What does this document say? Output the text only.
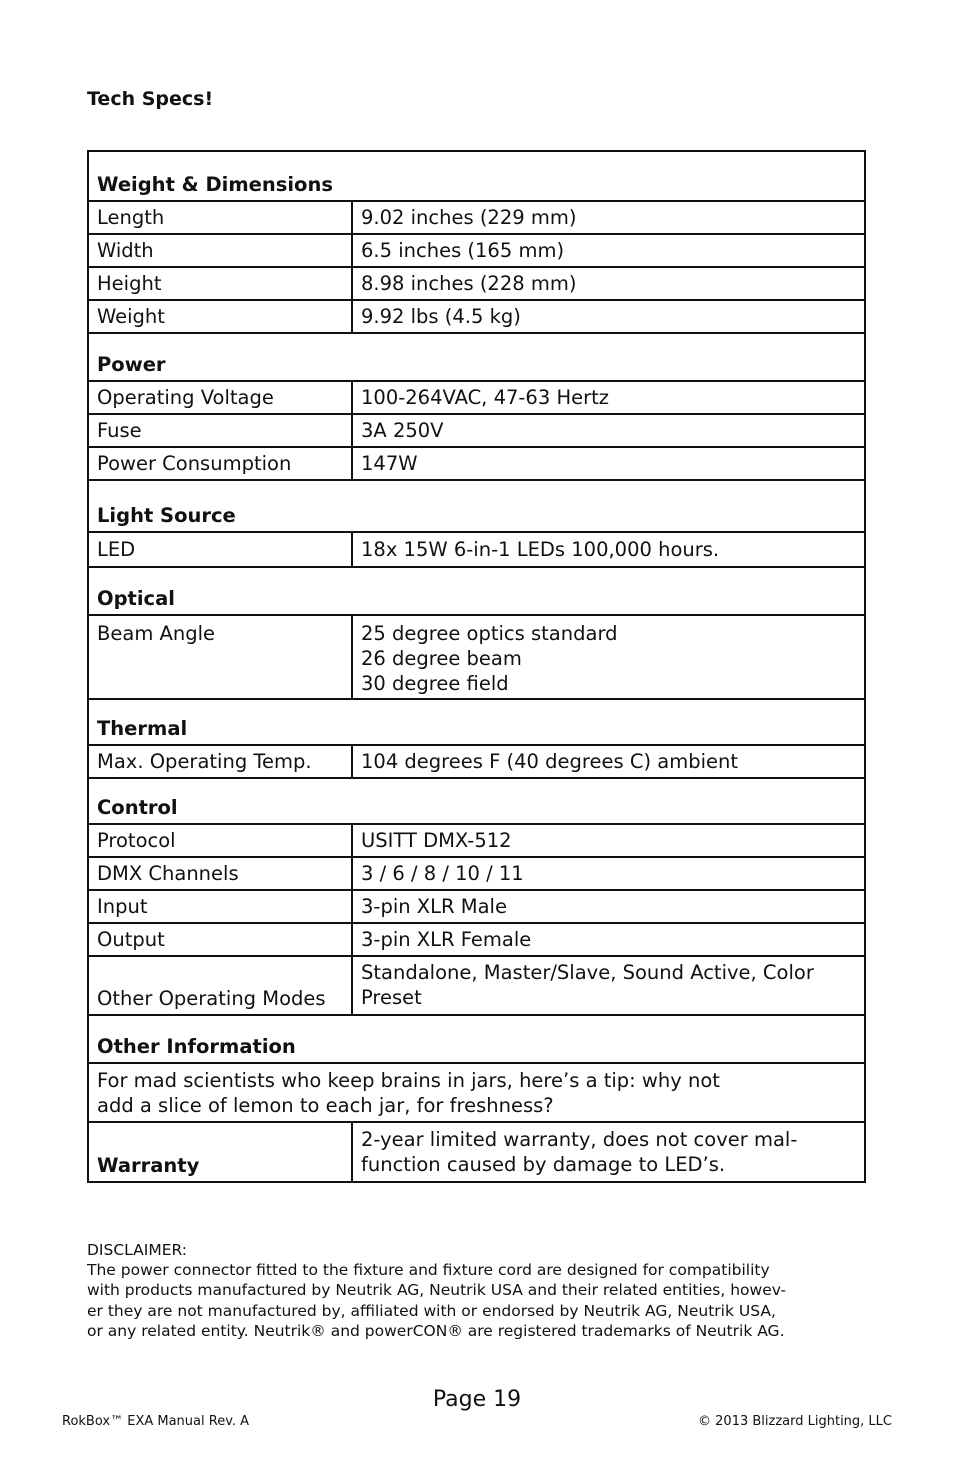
Tech Specs!
Weight & Dimensions	
Length	9.02 inches (229 mm)
Width	6.5 inches (165 mm)
Height	8.98 inches (228 mm)
Weight	9.92 lbs (4.5 kg)
Power	
Operating Voltage	100-264VAC, 47-63 Hertz
Fuse	3A 250V
Power Consumption	147W
Light Source	
LED	18x 15W 6-in-1 LEDs 100,000 hours.
Optical	
Beam Angle	25 degree optics standard
26 degree beam
30 degree field

Thermal	
Max. Operating Temp.	104 degrees F (40 degrees C) ambient
Control	
Protocol	USITT DMX-512
DMX Channels	3 / 6 / 8 / 10 / 11
Input	3-pin XLR Male
Output	3-pin XLR Female
Other Operating Modes	Standalone, Master/Slave, Sound Active, Color
Preset

Other Information	

For mad scientists who keep brains in jars, here’s a tip: why not
add a slice of lemon to each jar, for freshness?	

Warranty	2-year limited warranty, does not cover mal-
function caused by damage to LED’s.

DISCLAIMER:

The power connector fitted to the fixture and fixture cord are designed for compatibility

with products manufactured by Neutrik AG, Neutrik USA and their related entities, howev-

er they are not manufactured by, affiliated with or endorsed by Neutrik AG, Neutrik USA,

or any related entity. Neutrik® and powerCON® are registered trademarks of Neutrik AG.

Page 19
RokBox™ EXA Manual Rev. A	© 2013 Blizzard Lighting, LLC
